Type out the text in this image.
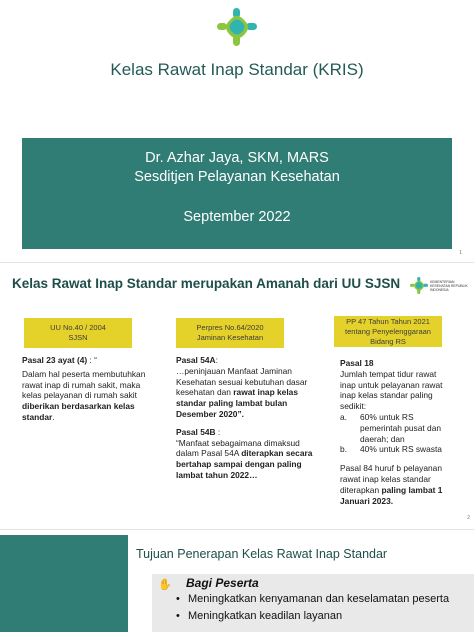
Kelas Rawat Inap Standar (KRIS)
Dr. Azhar Jaya, SKM, MARS
Sesditjen Pelayanan Kesehatan
September 2022
1
Kelas Rawat Inap Standar merupakan Amanah dari UU SJSN	KEMENTERIAN KESEHATAN REPUBLIK INDONESIA
UU No.40 / 2004
SJSN
Perpres No.64/2020
Jaminan Kesehatan
PP 47 Tahun Tahun 2021
tentang Penyelenggaraan Bidang RS

Pasal 23 ayat (4) : “

Dalam hal peserta membutuhkan rawat inap di rumah sakit, maka kelas pelayanan di rumah sakit diberikan berdasarkan kelas standar.

Pasal 54A:

…peninjauan Manfaat Jaminan Kesehatan sesuai kebutuhan dasar kesehatan dan rawat inap kelas standar paling lambat bulan Desember 2020”.

Pasal 54B :

“Manfaat sebagaimana dimaksud dalam Pasal 54A diterapkan secara bertahap sampai dengan paling lambat tahun 2022…

Pasal 18

Jumlah tempat tidur rawat inap untuk pelayanan rawat inap kelas standar paling sedikit:

a.	60% untuk RS pemerintah pusat dan daerah; dan

b.	40% untuk RS swasta

Pasal 84 huruf b pelayanan rawat inap kelas standar diterapkan paling lambat 1 Januari 2023.

2
Tujuan Penerapan Kelas Rawat Inap Standar
✋ Bagi Peserta
• Meningkatkan kenyamanan dan keselamatan peserta
• Meningkatkan keadilan layanan
